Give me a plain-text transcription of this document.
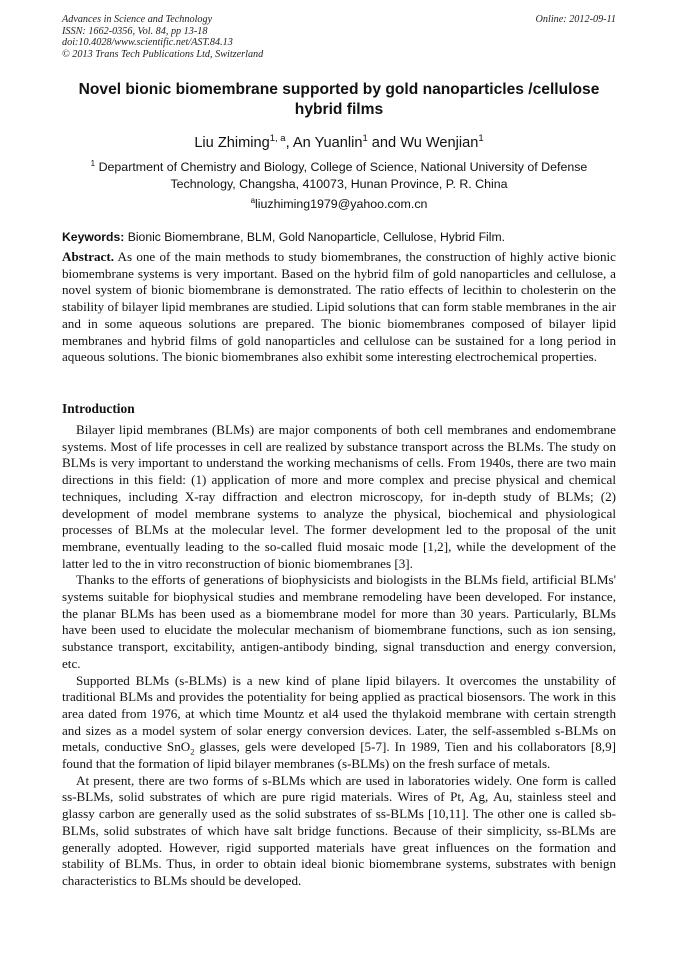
Advances in Science and Technology
ISSN: 1662-0356, Vol. 84, pp 13-18
doi:10.4028/www.scientific.net/AST.84.13
© 2013 Trans Tech Publications Ltd, Switzerland
Online: 2012-09-11
Novel bionic biomembrane supported by gold nanoparticles /cellulose hybrid films
Liu Zhiming$^{1, a}$, An Yuanlin$^1$ and Wu Wenjian$^1$
$^1$ Department of Chemistry and Biology, College of Science, National University of Defense Technology, Changsha, 410073, Hunan Province, P. R. China
$^a$liuzhiming1979@yahoo.com.cn
Keywords: Bionic Biomembrane, BLM, Gold Nanoparticle, Cellulose, Hybrid Film.

Abstract. As one of the main methods to study biomembranes, the construction of highly active bionic biomembrane systems is very important. Based on the hybrid film of gold nanoparticles and cellulose, a novel system of bionic biomembrane is demonstrated. The ratio effects of lecithin to cholesterin on the stability of bilayer lipid membranes are studied. Lipid solutions that can form stable membranes in the air and in some aqueous solutions are prepared. The bionic biomembranes composed of bilayer lipid membranes and hybrid films of gold nanoparticles and cellulose can be sustained for a long period in aqueous solutions. The bionic biomembranes also exhibit some interesting electrochemical properties.

Introduction

Bilayer lipid membranes (BLMs) are major components of both cell membranes and endomembrane systems. Most of life processes in cell are realized by substance transport across the BLMs. The study on BLMs is very important to understand the working mechanisms of cells. From 1940s, there are two main directions in this field: (1) application of more and more complex and precise physical and chemical techniques, including X-ray diffraction and electron microscopy, for in-depth study of BLMs; (2) development of model membrane systems to analyze the physical, biochemical and physiological processes of BLMs at the molecular level. The former development led to the proposal of the unit membrane, eventually leading to the so-called fluid mosaic mode [1,2], while the development of the latter led to the in vitro reconstruction of bionic biomembranes [3].

Thanks to the efforts of generations of biophysicists and biologists in the BLMs field, artificial BLMs' systems suitable for biophysical studies and membrane remodeling have been developed. For instance, the planar BLMs has been used as a biomembrane model for more than 30 years. Particularly, BLMs have been used to elucidate the molecular mechanism of biomembrane functions, such as ion sensing, substance transport, excitability, antigen-antibody binding, signal transduction and energy conversion, etc.

Supported BLMs (s-BLMs) is a new kind of plane lipid bilayers. It overcomes the unstability of traditional BLMs and provides the potentiality for being applied as practical biosensors. The work in this area dated from 1976, at which time Mountz et al4 used the thylakoid membrane with certain strength and sizes as a model system of solar energy conversion devices. Later, the self-assembled s-BLMs on metals, conductive SnO$_2$ glasses, gels were developed [5-7]. In 1989, Tien and his collaborators [8,9] found that the formation of lipid bilayer membranes (s-BLMs) on the fresh surface of metals.

At present, there are two forms of s-BLMs which are used in laboratories widely. One form is called ss-BLMs, solid substrates of which are pure rigid materials. Wires of Pt, Ag, Au, stainless steel and glassy carbon are generally used as the solid substrates of ss-BLMs [10,11]. The other one is called sb-BLMs, solid substrates of which have salt bridge functions. Because of their simplicity, ss-BLMs are generally adopted. However, rigid supported materials have great influences on the formation and stability of BLMs. Thus, in order to obtain ideal bionic biomembrane systems, substrates with benign characteristics to BLMs should be developed.
